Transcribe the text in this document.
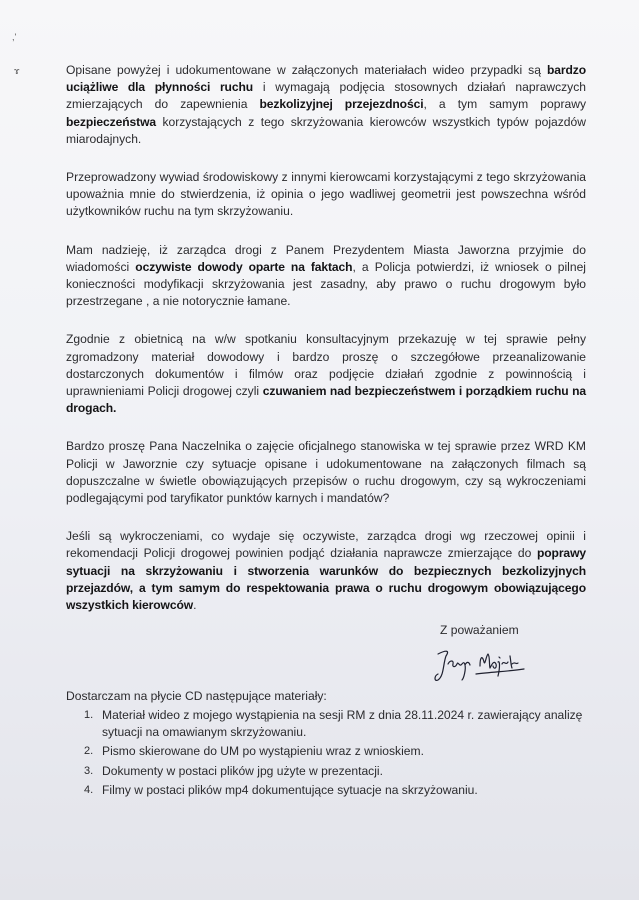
,'
ɤ	Opisane powyżej i udokumentowane w załączonych materiałach wideo przypadki są bardzo uciążliwe dla płynności ruchu i wymagają podjęcia stosownych działań naprawczych zmierzających do zapewnienia bezkolizyjnej przejezdności, a tym samym poprawy bezpieczeństwa korzystających z tego skrzyżowania kierowców wszystkich typów pojazdów miarodajnych.

Przeprowadzony wywiad środowiskowy z innymi kierowcami korzystającymi z tego skrzyżowania upoważnia mnie do stwierdzenia, iż opinia o jego wadliwej geometrii jest powszechna wśród użytkowników ruchu na tym skrzyżowaniu.

Mam nadzieję, iż zarządca drogi z Panem Prezydentem Miasta Jaworzna przyjmie do wiadomości oczywiste dowody oparte na faktach, a Policja potwierdzi, iż wniosek o pilnej konieczności modyfikacji skrzyżowania jest zasadny, aby prawo o ruchu drogowym było przestrzegane , a nie notorycznie łamane.

Zgodnie z obietnicą na w/w spotkaniu konsultacyjnym przekazuję w tej sprawie pełny zgromadzony materiał dowodowy i bardzo proszę o szczegółowe przeanalizowanie dostarczonych dokumentów i filmów oraz podjęcie działań zgodnie z powinnością i uprawnieniami Policji drogowej czyli czuwaniem nad bezpieczeństwem i porządkiem ruchu na drogach.

Bardzo proszę Pana Naczelnika o zajęcie oficjalnego stanowiska w tej sprawie przez WRD KM Policji w Jaworznie czy sytuacje opisane i udokumentowane na załączonych filmach są dopuszczalne w świetle obowiązujących przepisów o ruchu drogowym, czy są wykroczeniami podlegającymi pod taryfikator punktów karnych i mandatów?

Jeśli są wykroczeniami, co wydaje się oczywiste, zarządca drogi wg rzeczowej opinii i rekomendacji Policji drogowej powinien podjąć działania naprawcze zmierzające do poprawy sytuacji na skrzyżowaniu i stworzenia warunków do bezpiecznych bezkolizyjnych przejazdów, a tym samym do respektowania prawa o ruchu drogowym obowiązującego wszystkich kierowców.

Z poważaniem
Dostarczam na płycie CD następujące materiały:
1. Materiał wideo z mojego wystąpienia na sesji RM z dnia 28.11.2024 r. zawierający analizę sytuacji na omawianym skrzyżowaniu.
2. Pismo skierowane do UM po wystąpieniu wraz z wnioskiem.
3. Dokumenty w postaci plików jpg użyte w prezentacji.
4. Filmy w postaci plików mp4 dokumentujące sytuacje na skrzyżowaniu.
